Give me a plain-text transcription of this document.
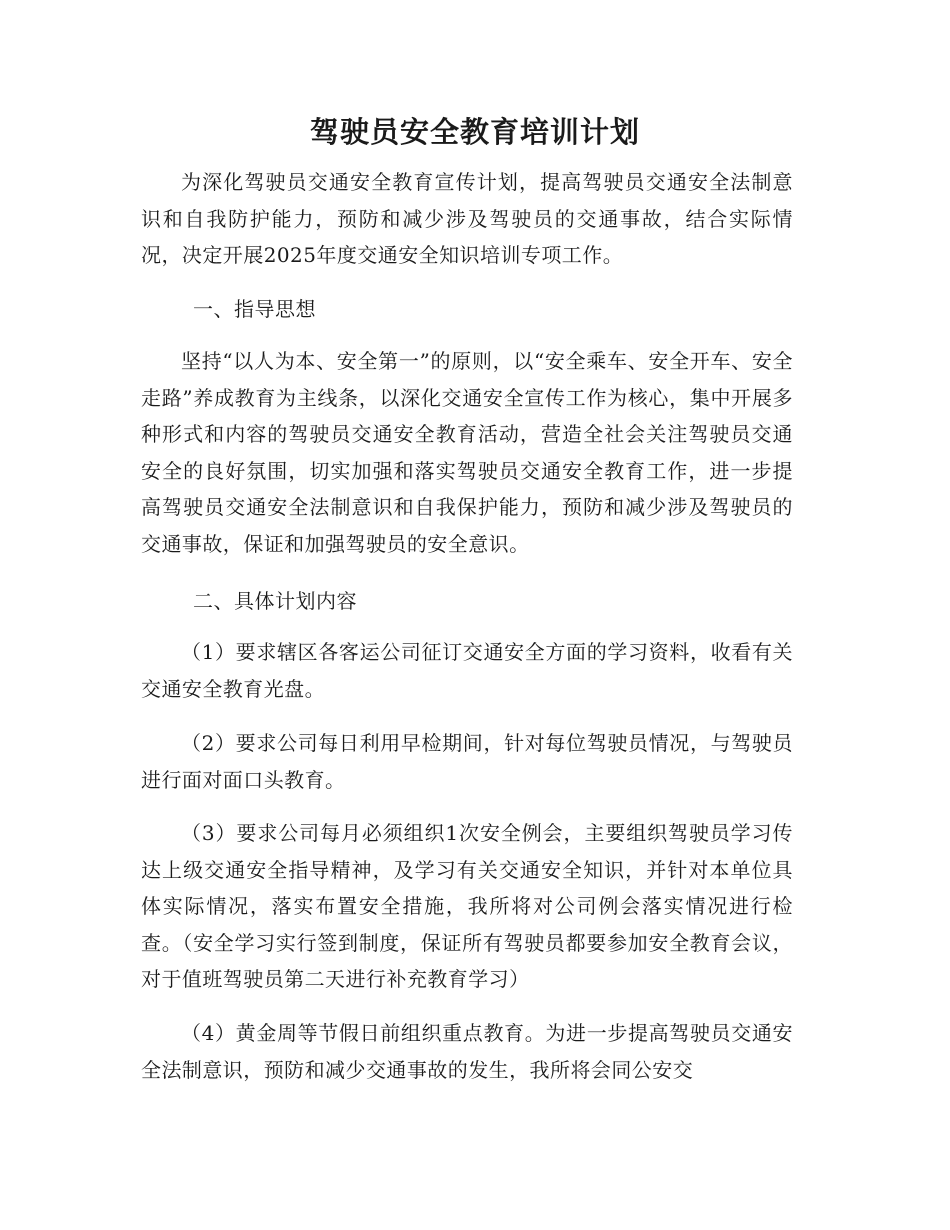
驾驶员安全教育培训计划

为深化驾驶员交通安全教育宣传计划，提高驾驶员交通安全法制意识和自我防护能力，预防和减少涉及驾驶员的交通事故，结合实际情况，决定开展2025年度交通安全知识培训专项工作。

一、指导思想

坚持“以人为本、安全第一”的原则，以“安全乘车、安全开车、安全走路”养成教育为主线条，以深化交通安全宣传工作为核心，集中开展多种形式和内容的驾驶员交通安全教育活动，营造全社会关注驾驶员交通安全的良好氛围，切实加强和落实驾驶员交通安全教育工作，进一步提高驾驶员交通安全法制意识和自我保护能力，预防和减少涉及驾驶员的交通事故，保证和加强驾驶员的安全意识。

二、具体计划内容

（1）要求辖区各客运公司征订交通安全方面的学习资料，收看有关交通安全教育光盘。

（2）要求公司每日利用早检期间，针对每位驾驶员情况，与驾驶员进行面对面口头教育。

（3）要求公司每月必须组织1次安全例会，主要组织驾驶员学习传达上级交通安全指导精神，及学习有关交通安全知识，并针对本单位具体实际情况，落实布置安全措施，我所将对公司例会落实情况进行检查。（安全学习实行签到制度，保证所有驾驶员都要参加安全教育会议，对于值班驾驶员第二天进行补充教育学习）

（4）黄金周等节假日前组织重点教育。为进一步提高驾驶员交通安全法制意识，预防和减少交通事故的发生，我所将会同公安交
